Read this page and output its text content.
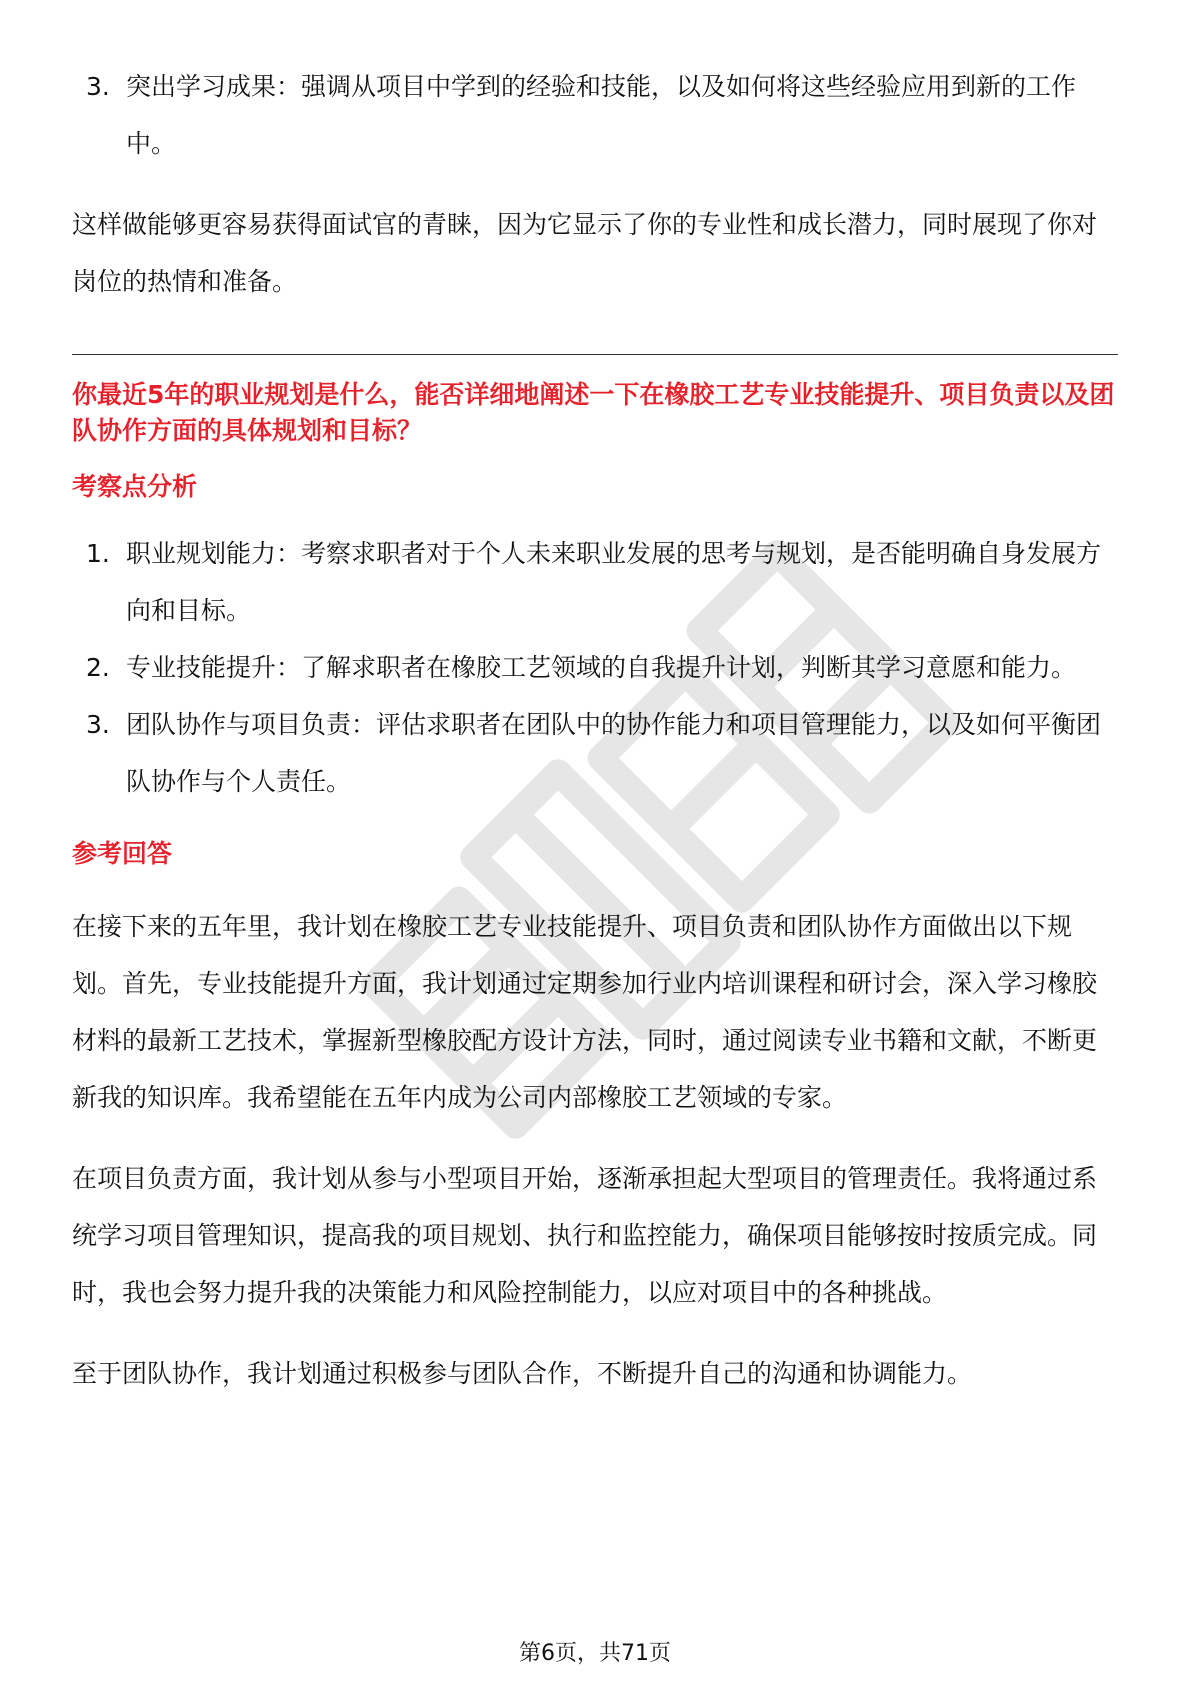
3. 突出学习成果：强调从项目中学到的经验和技能，以及如何将这些经验应用到新的工作中。

这样做能够更容易获得面试官的青睐，因为它显示了你的专业性和成长潜力，同时展现了你对岗位的热情和准备。

你最近5年的职业规划是什么，能否详细地阐述一下在橡胶工艺专业技能提升、项目负责以及团队协作方面的具体规划和目标？

考察点分析

1. 职业规划能力：考察求职者对于个人未来职业发展的思考与规划，是否能明确自身发展方向和目标。
2. 专业技能提升：了解求职者在橡胶工艺领域的自我提升计划，判断其学习意愿和能力。
3. 团队协作与项目负责：评估求职者在团队中的协作能力和项目管理能力，以及如何平衡团队协作与个人责任。

参考回答

在接下来的五年里，我计划在橡胶工艺专业技能提升、项目负责和团队协作方面做出以下规划。首先，专业技能提升方面，我计划通过定期参加行业内培训课程和研讨会，深入学习橡胶材料的最新工艺技术，掌握新型橡胶配方设计方法，同时，通过阅读专业书籍和文献，不断更新我的知识库。我希望能在五年内成为公司内部橡胶工艺领域的专家。

在项目负责方面，我计划从参与小型项目开始，逐渐承担起大型项目的管理责任。我将通过系统学习项目管理知识，提高我的项目规划、执行和监控能力，确保项目能够按时按质完成。同时，我也会努力提升我的决策能力和风险控制能力，以应对项目中的各种挑战。

至于团队协作，我计划通过积极参与团队合作，不断提升自己的沟通和协调能力。

第6页，共71页
